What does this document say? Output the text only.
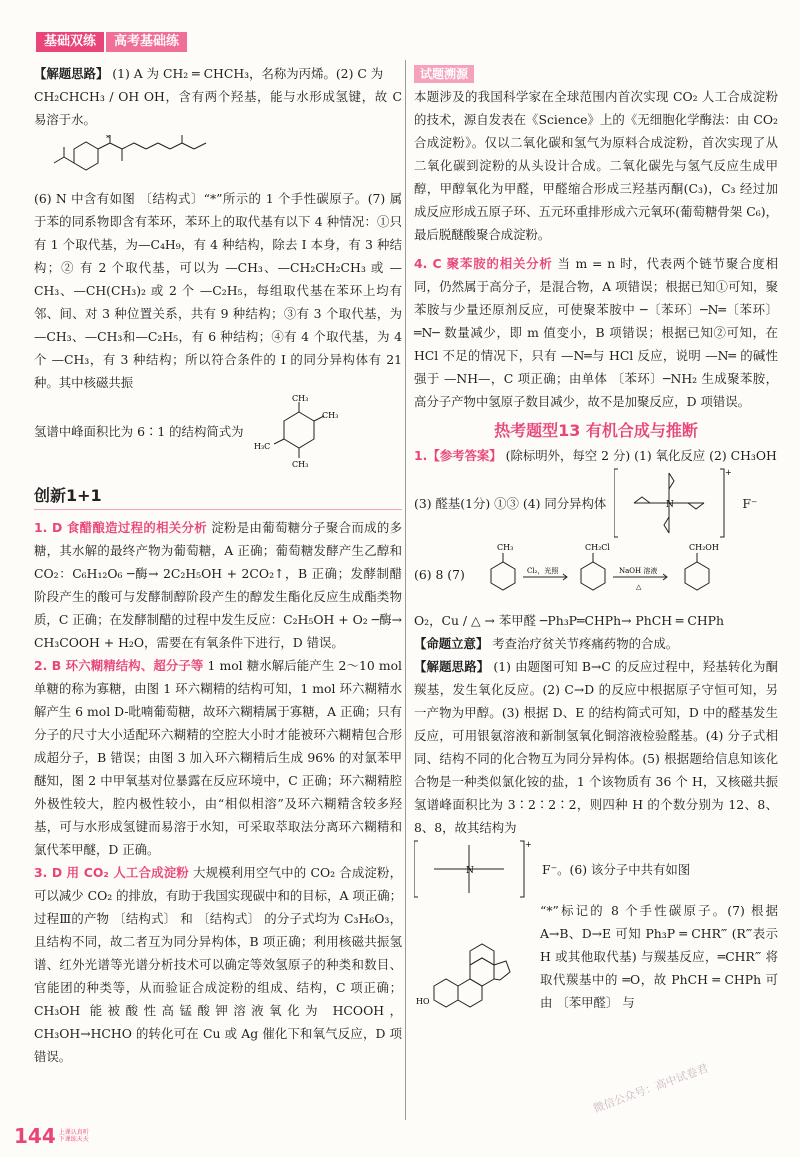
基础双练	高考基础练

【解题思路】 (1) A 为 CH₂ ═ CHCH₃，名称为丙烯。(2) C 为

CH₂CHCH₃ / OH OH，含有两个羟基，能与水形成氢键，故 C 易溶于水。

*

(6) N 中含有如图 〔结构式〕“*”所示的 1 个手性碳原子。(7) 属于苯的同系物即含有苯环，苯环上的取代基有以下 4 种情况：①只有 1 个取代基，为—C₄H₉，有 4 种结构，除去 I 本身，有 3 种结构；② 有 2 个取代基，可以为 —CH₃、—CH₂CH₂CH₃ 或 —CH₃、—CH(CH₃)₂ 或 2 个 —C₂H₅，每组取代基在苯环上均有邻、间、对 3 种位置关系，共有 9 种结构；③有 3 个取代基，为 —CH₃、—CH₃和—C₂H₅，有 6 种结构；④有 4 个取代基，为 4 个 —CH₃，有 3 种结构；所以符合条件的 I 的同分异构体有 21 种。其中核磁共振

氢谱中峰面积比为 6∶1 的结构简式为

CH₃
CH₃
H₃C
CH₃
创新1+1

1. D 食醋酿造过程的相关分析 淀粉是由葡萄糖分子聚合而成的多糖，其水解的最终产物为葡萄糖，A 正确；葡萄糖发酵产生乙醇和 CO₂：C₆H₁₂O₆ ─酶→ 2C₂H₅OH + 2CO₂↑，B 正确；发酵制醋阶段产生的酸可与发酵制醇阶段产生的醇发生酯化反应生成酯类物质，C 正确；在发酵制醋的过程中发生反应：C₂H₅OH + O₂ ─酶→ CH₃COOH + H₂O，需要在有氧条件下进行，D 错误。

2. B 环六糊精结构、超分子等 1 mol 糖水解后能产生 2～10 mol 单糖的称为寡糖，由图 1 环六糊精的结构可知，1 mol 环六糊精水解产生 6 mol D-吡喃葡萄糖，故环六糊精属于寡糖，A 正确；只有分子的尺寸大小适配环六糊精的空腔大小时才能被环六糊精包合形成超分子，B 错误；由图 3 加入环六糊精后生成 96% 的对氯苯甲醚知，图 2 中甲氧基对位暴露在反应环境中，C 正确；环六糊精腔外极性较大，腔内极性较小，由“相似相溶”及环六糊精含较多羟基，可与水形成氢键而易溶于水知，可采取萃取法分离环六糊精和氯代苯甲醚，D 正确。

3. D 用 CO₂ 人工合成淀粉 大规模利用空气中的 CO₂ 合成淀粉，可以减少 CO₂ 的排放，有助于我国实现碳中和的目标，A 项正确；过程Ⅲ的产物 〔结构式〕 和 〔结构式〕 的分子式均为 C₃H₆O₃，且结构不同，故二者互为同分异构体，B 项正确；利用核磁共振氢谱、红外光谱等光谱分析技术可以确定等效氢原子的种类和数目、官能团的种类等，从而验证合成淀粉的组成、结构，C 项正确；CH₃OH 能被酸性高锰酸钾溶液氧化为 HCOOH，CH₃OH→HCHO 的转化可在 Cu 或 Ag 催化下和氧气反应，D 项错误。

试题溯源

本题涉及的我国科学家在全球范围内首次实现 CO₂ 人工合成淀粉的技术，源自发表在《Science》上的《无细胞化学酶法：由 CO₂ 合成淀粉》。仅以二氧化碳和氢气为原料合成淀粉，首次实现了从二氧化碳到淀粉的从头设计合成。二氧化碳先与氢气反应生成甲醇，甲醇氧化为甲醛，甲醛缩合形成三羟基丙酮(C₃)，C₃ 经过加成反应形成五原子环、五元环重排形成六元氧环(葡萄糖骨架 C₆)，最后脱醚酸聚合成淀粉。

4. C 聚苯胺的相关分析 当 m = n 时，代表两个链节聚合度相同，仍然属于高分子，是混合物，A 项错误；根据已知①可知，聚苯胺与少量还原剂反应，可使聚苯胺中 ─〔苯环〕─N═〔苯环〕═N─ 数量减少，即 m 值变小，B 项错误；根据已知②可知，在 HCl 不足的情况下，只有 —N═与 HCl 反应，说明 —N═ 的碱性强于 —NH—，C 项正确；由单体 〔苯环〕─NH₂ 生成聚苯胺，高分子产物中氢原子数目减少，故不是加聚反应，D 项错误。

热考题型13 有机合成与推断

1.【参考答案】 (除标明外，每空 2 分) (1) 氧化反应 (2) CH₃OH

(3) 醛基(1分) ①③ (4) 同分异构体	N
+
F⁻
(6) 8 (7)
CH₃
Cl₂，光照
CH₂Cl
NaOH 溶液
△
CH₂OH

O₂，Cu / △ → 苯甲醛 ─Ph₃P═CHPh→ PhCH ═ CHPh

【命题立意】 考查治疗贫关节疼痛药物的合成。

【解题思路】 (1) 由题图可知 B→C 的反应过程中，羟基转化为酮羰基，发生氧化反应。(2) C→D 的反应中根据原子守恒可知，另一产物为甲醇。(3) 根据 D、E 的结构简式可知，D 中的醛基发生反应，可用银氨溶液和新制氢氧化铜溶液检验醛基。(4) 分子式相同、结构不同的化合物互为同分异构体。(5) 根据题给信息知该化合物是一种类似氯化铵的盐，1 个该物质有 36 个 H，又核磁共振氢谱峰面积比为 3∶2∶2∶2，则四种 H 的个数分别为 12、8、8、8，故其结构为

N
+
F⁻。(6) 该分子中共有如图
HO

“*”标记的 8 个手性碳原子。(7) 根据 A→B、D→E 可知 Ph₃P ═ CHR‴ (R‴表示 H 或其他取代基) 与羰基反应，═CHR‴ 将取代羰基中的 ═O，故 PhCH ═ CHPh 可由 〔苯甲醛〕 与

144 上课认真听 下课练天天
微信公众号：高中试卷君
